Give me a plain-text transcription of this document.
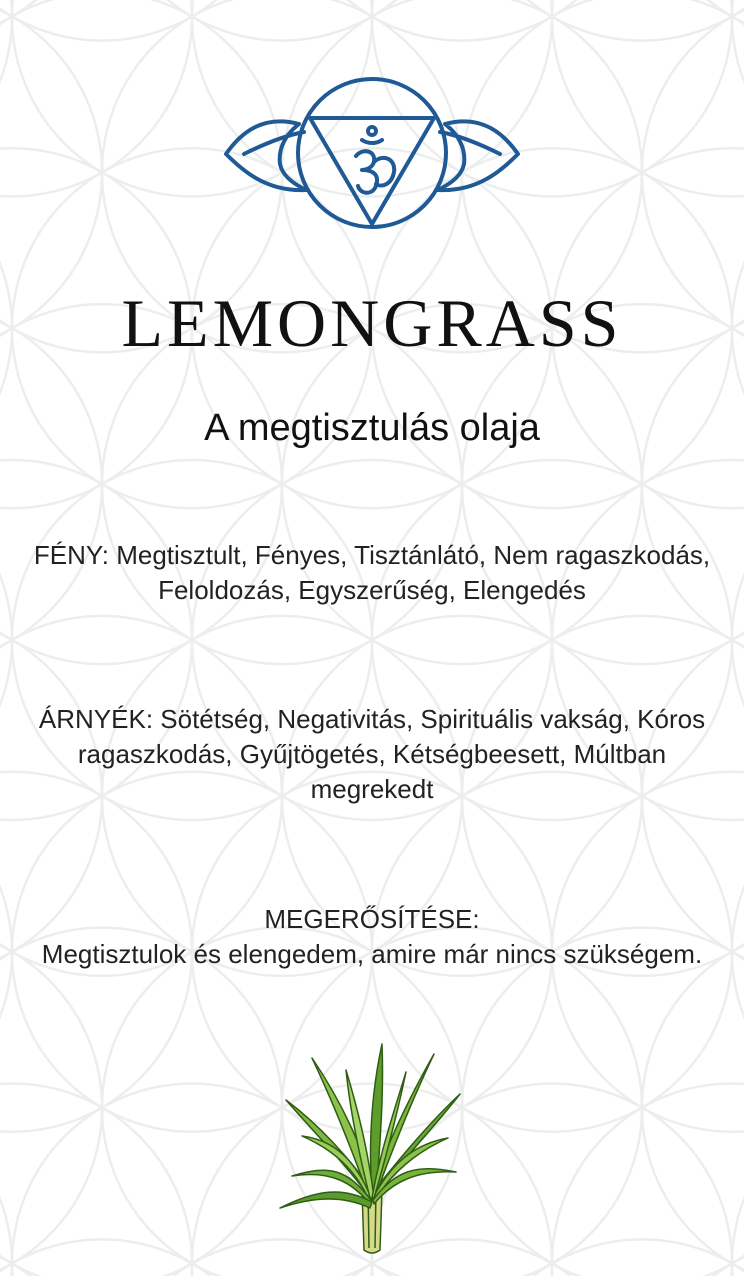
LEMONGRASS
A megtisztulás olaja
FÉNY: Megtisztult, Fényes, Tisztánlátó, Nem ragaszkodás, Feloldozás, Egyszerűség, Elengedés
ÁRNYÉK: Sötétség, Negativitás, Spirituális vakság, Kóros ragaszkodás, Gyűjtögetés, Kétségbeesett, Múltban megrekedt
MEGERŐSÍTÉSE:
Megtisztulok és elengedem, amire már nincs szükségem.
